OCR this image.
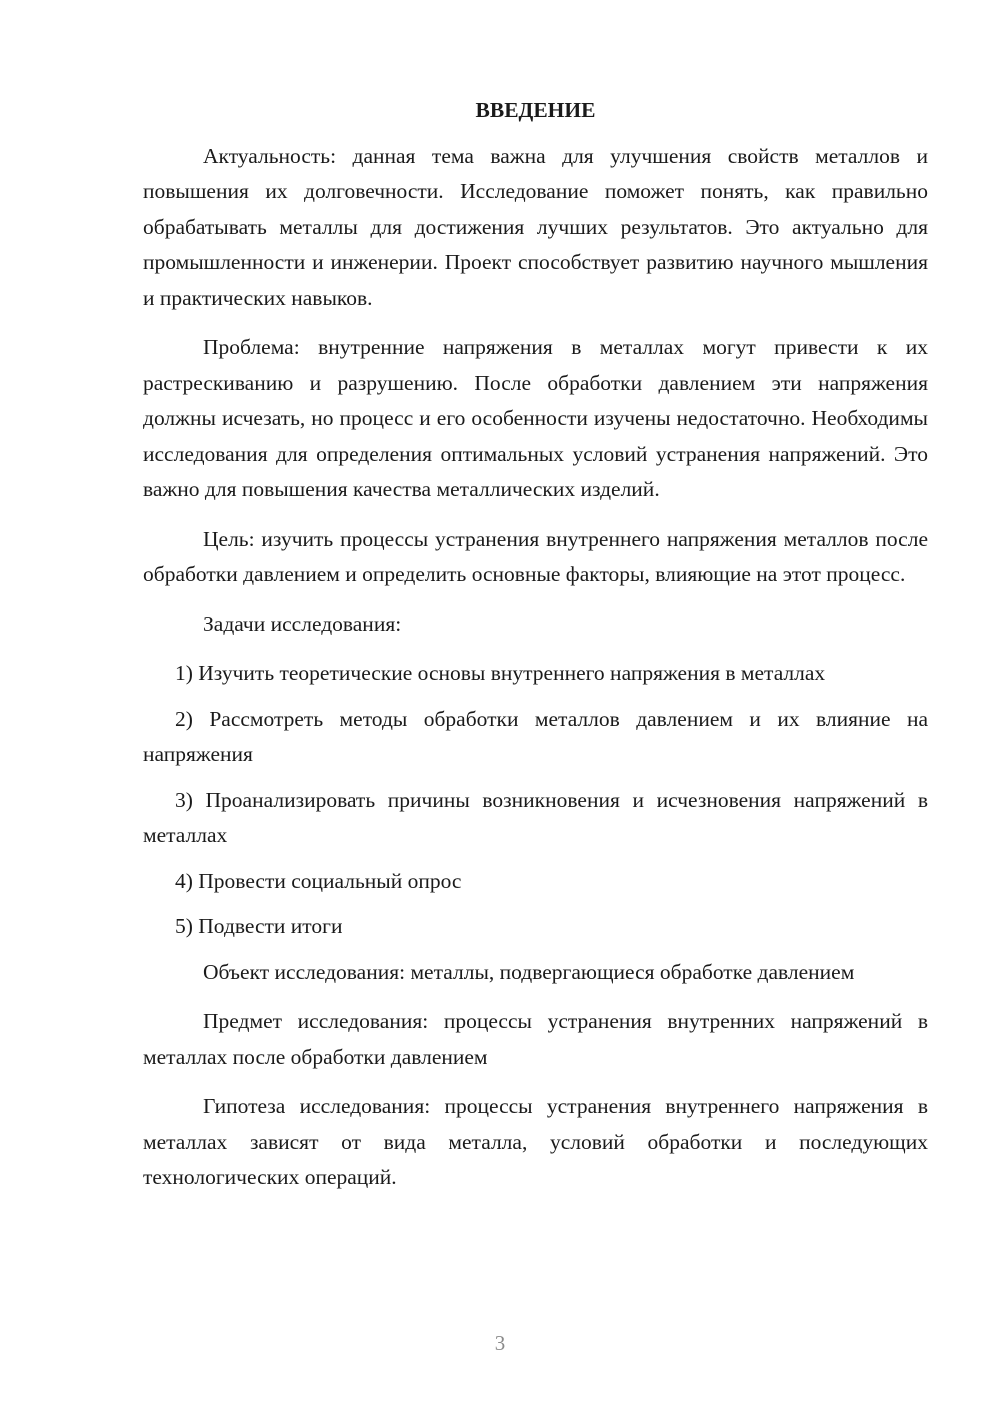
ВВЕДЕНИЕ

Актуальность: данная тема важна для улучшения свойств металлов и повышения их долговечности. Исследование поможет понять, как правильно обрабатывать металлы для достижения лучших результатов. Это актуально для промышленности и инженерии. Проект способствует развитию научного мышления и практических навыков.

Проблема: внутренние напряжения в металлах могут привести к их растрескиванию и разрушению. После обработки давлением эти напряжения должны исчезать, но процесс и его особенности изучены недостаточно. Необходимы исследования для определения оптимальных условий устранения напряжений. Это важно для повышения качества металлических изделий.

Цель: изучить процессы устранения внутреннего напряжения металлов после обработки давлением и определить основные факторы, влияющие на этот процесс.

Задачи исследования:

1) Изучить теоретические основы внутреннего напряжения в металлах

2) Рассмотреть методы обработки металлов давлением и их влияние на напряжения

3) Проанализировать причины возникновения и исчезновения напряжений в металлах

4) Провести социальный опрос

5) Подвести итоги

Объект исследования: металлы, подвергающиеся обработке давлением

Предмет исследования: процессы устранения внутренних напряжений в металлах после обработки давлением

Гипотеза исследования: процессы устранения внутреннего напряжения в металлах зависят от вида металла, условий обработки и последующих технологических операций.

3
